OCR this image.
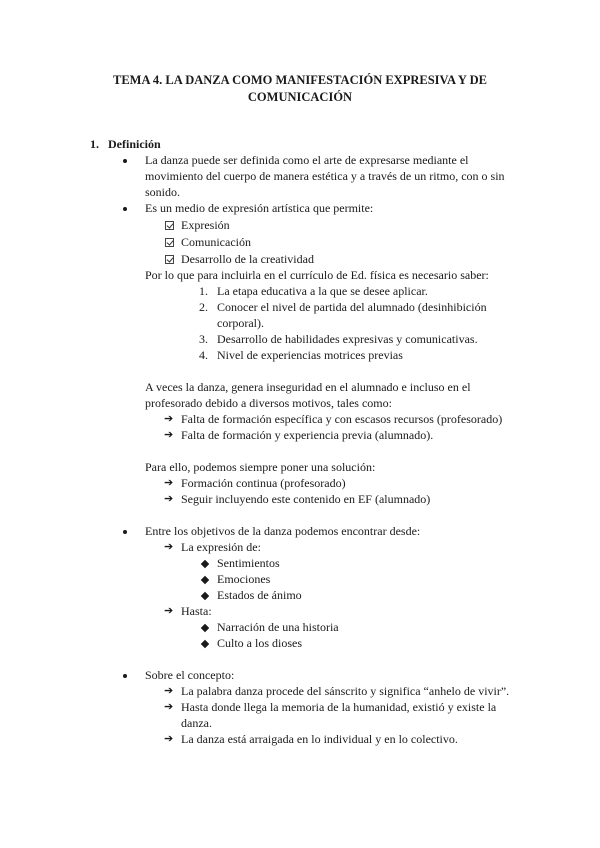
TEMA 4. LA DANZA COMO MANIFESTACIÓN EXPRESIVA Y DE COMUNICACIÓN
1. Definición
La danza puede ser definida como el arte de expresarse mediante el
movimiento del cuerpo de manera estética y a través de un ritmo, con o sin
sonido.
Es un medio de expresión artística que permite:
Expresión
Comunicación
Desarrollo de la creatividad
Por lo que para incluirla en el currículo de Ed. física es necesario saber:
1. La etapa educativa a la que se desee aplicar.
2. Conocer el nivel de partida del alumnado (desinhibición
corporal).
3. Desarrollo de habilidades expresivas y comunicativas.
4. Nivel de experiencias motrices previas
A veces la danza, genera inseguridad en el alumnado e incluso en el
profesorado debido a diversos motivos, tales como:
➔ Falta de formación específica y con escasos recursos (profesorado)
➔ Falta de formación y experiencia previa (alumnado).
Para ello, podemos siempre poner una solución:
➔ Formación continua (profesorado)
➔ Seguir incluyendo este contenido en EF (alumnado)
Entre los objetivos de la danza podemos encontrar desde:
➔ La expresión de:
Sentimientos
Emociones
Estados de ánimo
➔ Hasta:
Narración de una historia
Culto a los dioses
Sobre el concepto:
➔ La palabra danza procede del sánscrito y significa “anhelo de vivir”.
➔ Hasta donde llega la memoria de la humanidad, existió y existe la
danza.
➔ La danza está arraigada en lo individual y en lo colectivo.
